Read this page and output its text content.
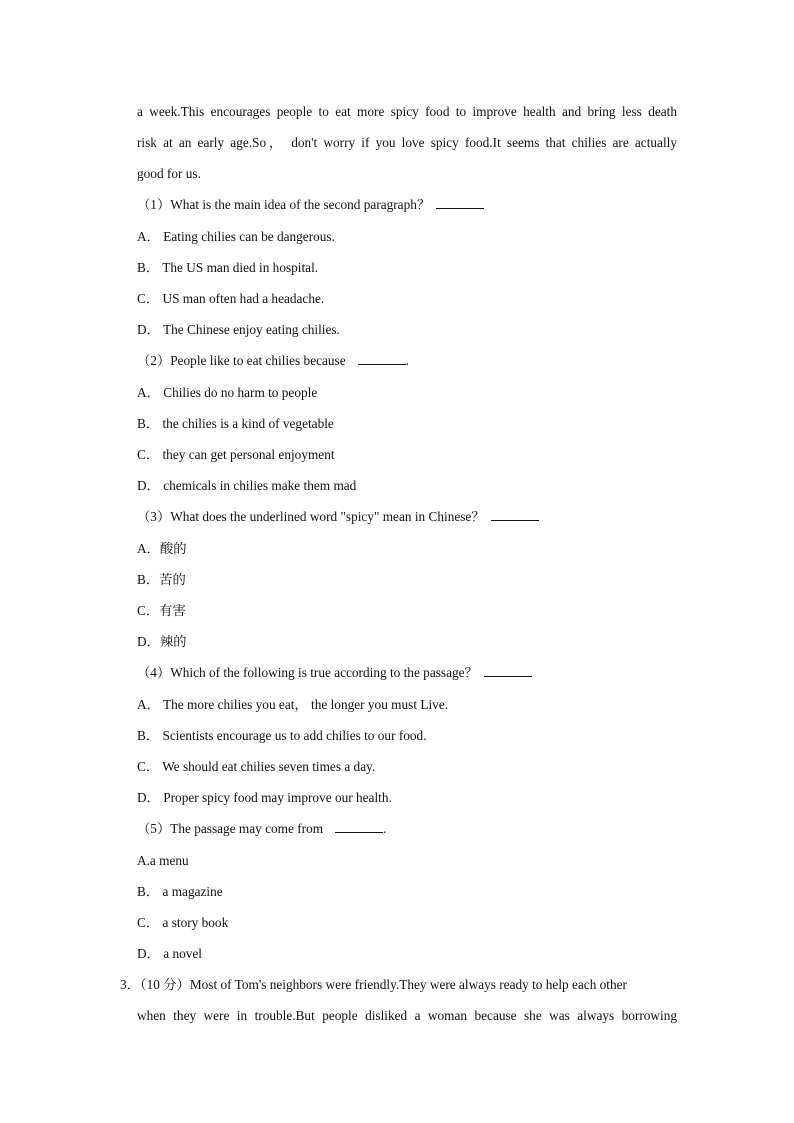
a week.This encourages people to eat more spicy food to improve health and bring less death
risk at an early age.So， don't worry if you love spicy food.It seems that chilies are actually
good for us.
（1）What is the main idea of the second paragraph？
A． Eating chilies can be dangerous.
B． The US man died in hospital.
C． US man often had a headache.
D． The Chinese enjoy eating chilies.
（2）People like to eat chilies because	.
A． Chilies do no harm to people
B． the chilies is a kind of vegetable
C． they can get personal enjoyment
D． chemicals in chilies make them mad
（3）What does the underlined word "spicy" mean in Chinese？
A．酸的
B．苦的
C．有害
D．辣的
（4）Which of the following is true according to the passage？
A． The more chilies you eat， the longer you must Live.
B． Scientists encourage us to add chilies to our food.
C． We should eat chilies seven times a day.
D． Proper spicy food may improve our health.
（5）The passage may come from	.
A.a menu
B． a magazine
C． a story book
D． a novel
3．（10 分）Most of Tom's neighbors were friendly.They were always ready to help each other
when they were in trouble.But people disliked a woman because she was always borrowing
